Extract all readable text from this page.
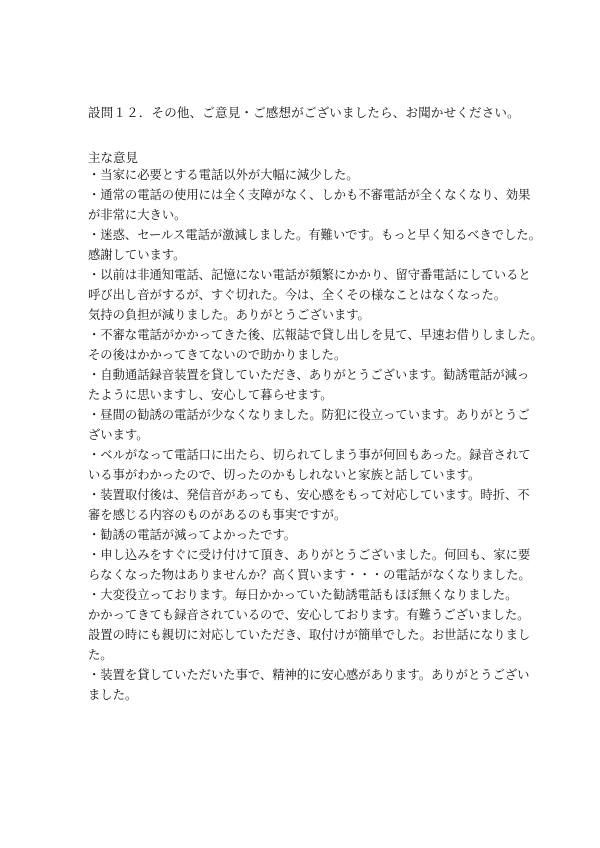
設問１２．その他、ご意見・ご感想がございましたら、お聞かせください。
主な意見
・当家に必要とする電話以外が大幅に減少した。
・通常の電話の使用には全く支障がなく、しかも不審電話が全くなくなり、効果
が非常に大きい。
・迷惑、セールス電話が激減しました。有難いです。もっと早く知るべきでした。
感謝しています。
・以前は非通知電話、記憶にない電話が頻繁にかかり、留守番電話にしていると
呼び出し音がするが、すぐ切れた。今は、全くその様なことはなくなった。
気持の負担が減りました。ありがとうございます。
・不審な電話がかかってきた後、広報誌で貸し出しを見て、早速お借りしました。
その後はかかってきてないので助かりました。
・自動通話録音装置を貸していただき、ありがとうございます。勧誘電話が減っ
たように思いますし、安心して暮らせます。
・昼間の勧誘の電話が少なくなりました。防犯に役立っています。ありがとうご
ざいます。
・ベルがなって電話口に出たら、切られてしまう事が何回もあった。録音されて
いる事がわかったので、切ったのかもしれないと家族と話しています。
・装置取付後は、発信音があっても、安心感をもって対応しています。時折、不
審を感じる内容のものがあるのも事実ですが。
・勧誘の電話が減ってよかったです。
・申し込みをすぐに受け付けて頂き、ありがとうございました。何回も、家に要
らなくなった物はありませんか？高く買います・・・の電話がなくなりました。
・大変役立っております。毎日かかっていた勧誘電話もほぼ無くなりました。
かかってきても録音されているので、安心しております。有難うございました。
設置の時にも親切に対応していただき、取付けが簡単でした。お世話になりまし
た。
・装置を貸していただいた事で、精神的に安心感があります。ありがとうござい
ました。
